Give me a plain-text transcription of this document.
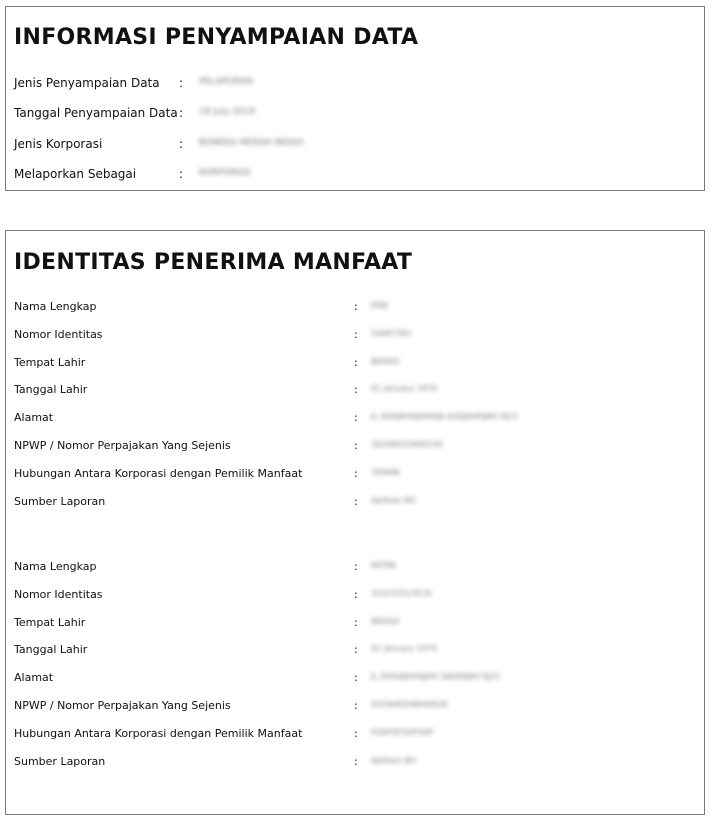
INFORMASI PENYAMPAIAN DATA
Jenis Penyampaian Data : PELAPORAN
Tanggal Penyampaian Data : 18 July 2019
Jenis Korporasi	: BONEKA MERAH INDAH
Melaporkan Sebagai	: KORPORASI
IDENTITAS PENERIMA MANFAAT
Nama Lengkap	: DINI
Nomor Identitas	: 54467362
Tempat Lahir	: BEKASI
Tanggal Lahir	: 01 January 1970
Alamat	: JL ASDJAHDJAHDJA ASDJAHDJAH DJ21
NPWP / Nomor Perpajakan Yang Sejenis	: 3424893284923H
Hubungan Antara Korporasi dengan Pemilik Manfaat	: TEMAN
Sumber Laporan	: Aplikasi BO
Nama Lengkap	: MITRA
Nomor Identitas	: 323232523535
Tempat Lahir	: BEKASI
Tanggal Lahir	: 01 January 1970
Alamat	: JL DHSAJDHAJDH SAJHDJAH DJ21
NPWP / Nomor Perpajakan Yang Sejenis	: 432948209849928
Hubungan Antara Korporasi dengan Pemilik Manfaat	: FDSFDFSDFSDF
Sumber Laporan	: Aplikasi BO
